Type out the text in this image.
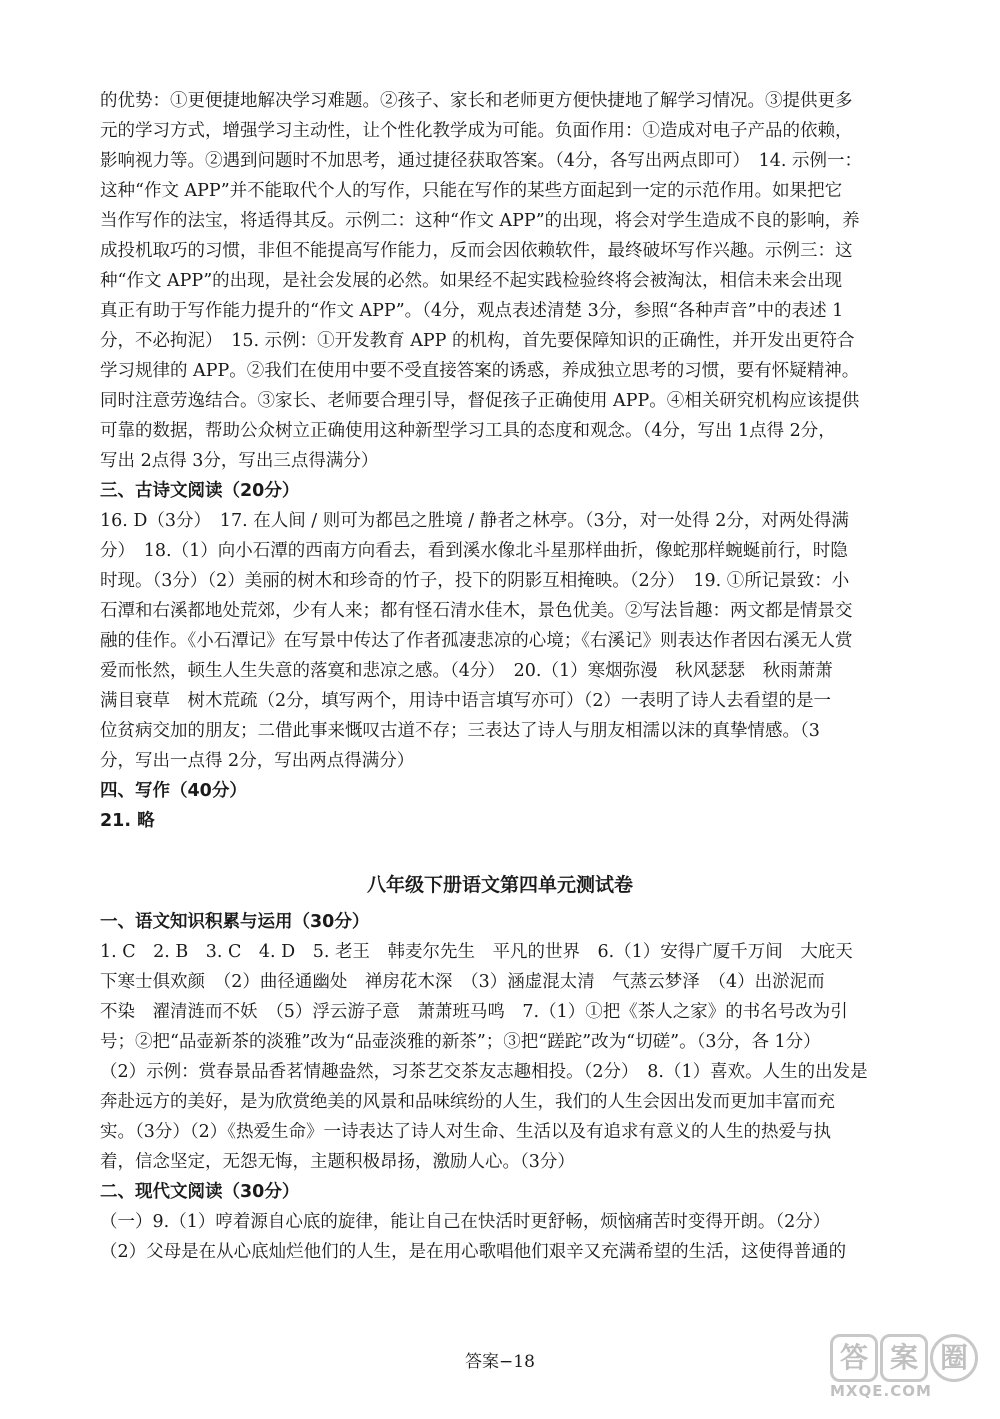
的优势：①更便捷地解决学习难题。②孩子、家长和老师更方便快捷地了解学习情况。③提供更多

元的学习方式，增强学习主动性，让个性化教学成为可能。负面作用：①造成对电子产品的依赖，

影响视力等。②遇到问题时不加思考，通过捷径获取答案。（4分，各写出两点即可）　14. 示例一：

这种“作文 APP”并不能取代个人的写作，只能在写作的某些方面起到一定的示范作用。如果把它

当作写作的法宝，将适得其反。示例二：这种“作文 APP”的出现，将会对学生造成不良的影响，养

成投机取巧的习惯，非但不能提高写作能力，反而会因依赖软件，最终破坏写作兴趣。示例三：这

种“作文 APP”的出现，是社会发展的必然。如果经不起实践检验终将会被淘汰，相信未来会出现

真正有助于写作能力提升的“作文 APP”。（4分，观点表述清楚 3分，参照“各种声音”中的表述 1

分，不必拘泥）　15. 示例：①开发教育 APP 的机构，首先要保障知识的正确性，并开发出更符合

学习规律的 APP。②我们在使用中要不受直接答案的诱惑，养成独立思考的习惯，要有怀疑精神。

同时注意劳逸结合。③家长、老师要合理引导，督促孩子正确使用 APP。④相关研究机构应该提供

可靠的数据，帮助公众树立正确使用这种新型学习工具的态度和观念。（4分，写出 1点得 2分，

写出 2点得 3分，写出三点得满分）

三、古诗文阅读（20分）

16. D（3分）　17. 在人间 / 则可为都邑之胜境 / 静者之林亭。（3分，对一处得 2分，对两处得满

分）　18.（1）向小石潭的西南方向看去，看到溪水像北斗星那样曲折，像蛇那样蜿蜒前行，时隐

时现。（3分）（2）美丽的树木和珍奇的竹子，投下的阴影互相掩映。（2分）　19. ①所记景致：小

石潭和右溪都地处荒郊，少有人来；都有怪石清水佳木，景色优美。②写法旨趣：两文都是情景交

融的佳作。《小石潭记》在写景中传达了作者孤凄悲凉的心境；《右溪记》则表达作者因右溪无人赏

爱而怅然，顿生人生失意的落寞和悲凉之感。（4分）　20.（1）寒烟弥漫　秋风瑟瑟　秋雨萧萧

满目衰草　树木荒疏（2分，填写两个，用诗中语言填写亦可）（2）一表明了诗人去看望的是一

位贫病交加的朋友；二借此事来慨叹古道不存；三表达了诗人与朋友相濡以沫的真挚情感。（3

分，写出一点得 2分，写出两点得满分）

四、写作（40分）

21. 略

八年级下册语文第四单元测试卷

一、语文知识积累与运用（30分）

1. C　2. B　3. C　4. D　5. 老王　韩麦尔先生　平凡的世界　6.（1）安得广厦千万间　大庇天

下寒士俱欢颜　（2）曲径通幽处　禅房花木深　（3）涵虚混太清　气蒸云梦泽　（4）出淤泥而

不染　濯清涟而不妖　（5）浮云游子意　萧萧班马鸣　7.（1）①把《茶人之家》的书名号改为引

号；②把“品壶新茶的淡雅”改为“品壶淡雅的新茶”；③把“蹉跎”改为“切磋”。（3分，各 1分）

（2）示例：赏春景品香茗情趣盎然，习茶艺交茶友志趣相投。（2分）　8.（1）喜欢。人生的出发是

奔赴远方的美好，是为欣赏绝美的风景和品味缤纷的人生，我们的人生会因出发而更加丰富而充

实。（3分）（2）《热爱生命》一诗表达了诗人对生命、生活以及有追求有意义的人生的热爱与执

着，信念坚定，无怨无悔，主题积极昂扬，激励人心。（3分）

二、现代文阅读（30分）

（一）9.（1）哼着源自心底的旋律，能让自己在快活时更舒畅，烦恼痛苦时变得开朗。（2分）

（2）父母是在从心底灿烂他们的人生，是在用心歌唱他们艰辛又充满希望的生活，这使得普通的

答案−18	答 案 圈
MXQE.COM
